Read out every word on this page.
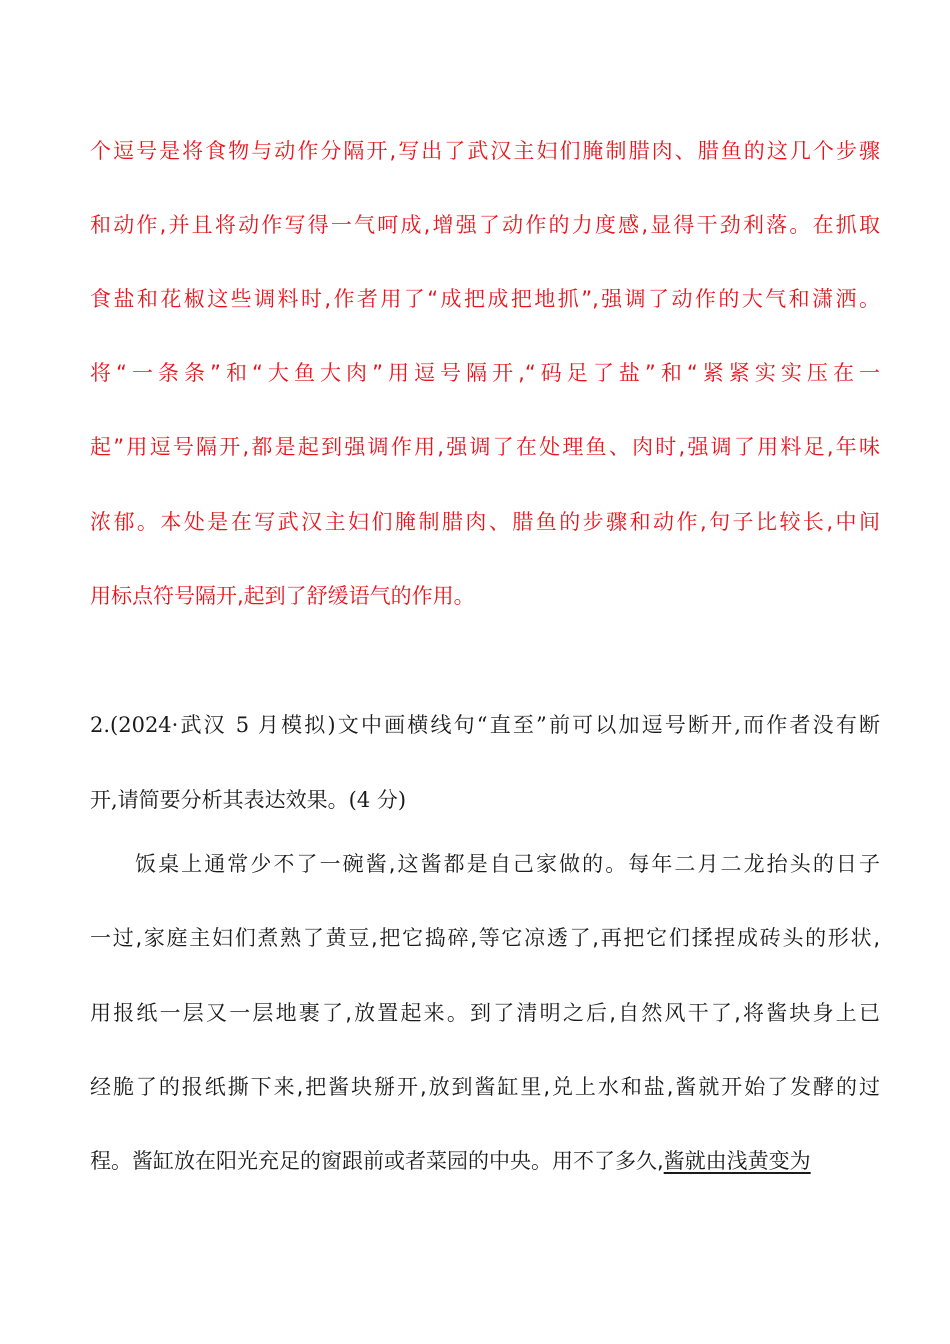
个逗号是将食物与动作分隔开,写出了武汉主妇们腌制腊肉、腊鱼的这几个步骤
和动作,并且将动作写得一气呵成,增强了动作的力度感,显得干劲利落。在抓取
食盐和花椒这些调料时,作者用了“成把成把地抓”,强调了动作的大气和潇洒。
将“一条条”和“大鱼大肉”用逗号隔开,“码足了盐”和“紧紧实实压在一
起”用逗号隔开,都是起到强调作用,强调了在处理鱼、肉时,强调了用料足,年味
浓郁。本处是在写武汉主妇们腌制腊肉、腊鱼的步骤和动作,句子比较长,中间
用标点符号隔开,起到了舒缓语气的作用。
2.(2024·武汉 5 月模拟)文中画横线句“直至”前可以加逗号断开,而作者没有断
开,请简要分析其表达效果。(4 分)
饭桌上通常少不了一碗酱,这酱都是自己家做的。每年二月二龙抬头的日子
一过,家庭主妇们煮熟了黄豆,把它捣碎,等它凉透了,再把它们揉捏成砖头的形状,
用报纸一层又一层地裹了,放置起来。到了清明之后,自然风干了,将酱块身上已
经脆了的报纸撕下来,把酱块掰开,放到酱缸里,兑上水和盐,酱就开始了发酵的过
程。酱缸放在阳光充足的窗跟前或者菜园的中央。用不了多久,酱就由浅黄变为
